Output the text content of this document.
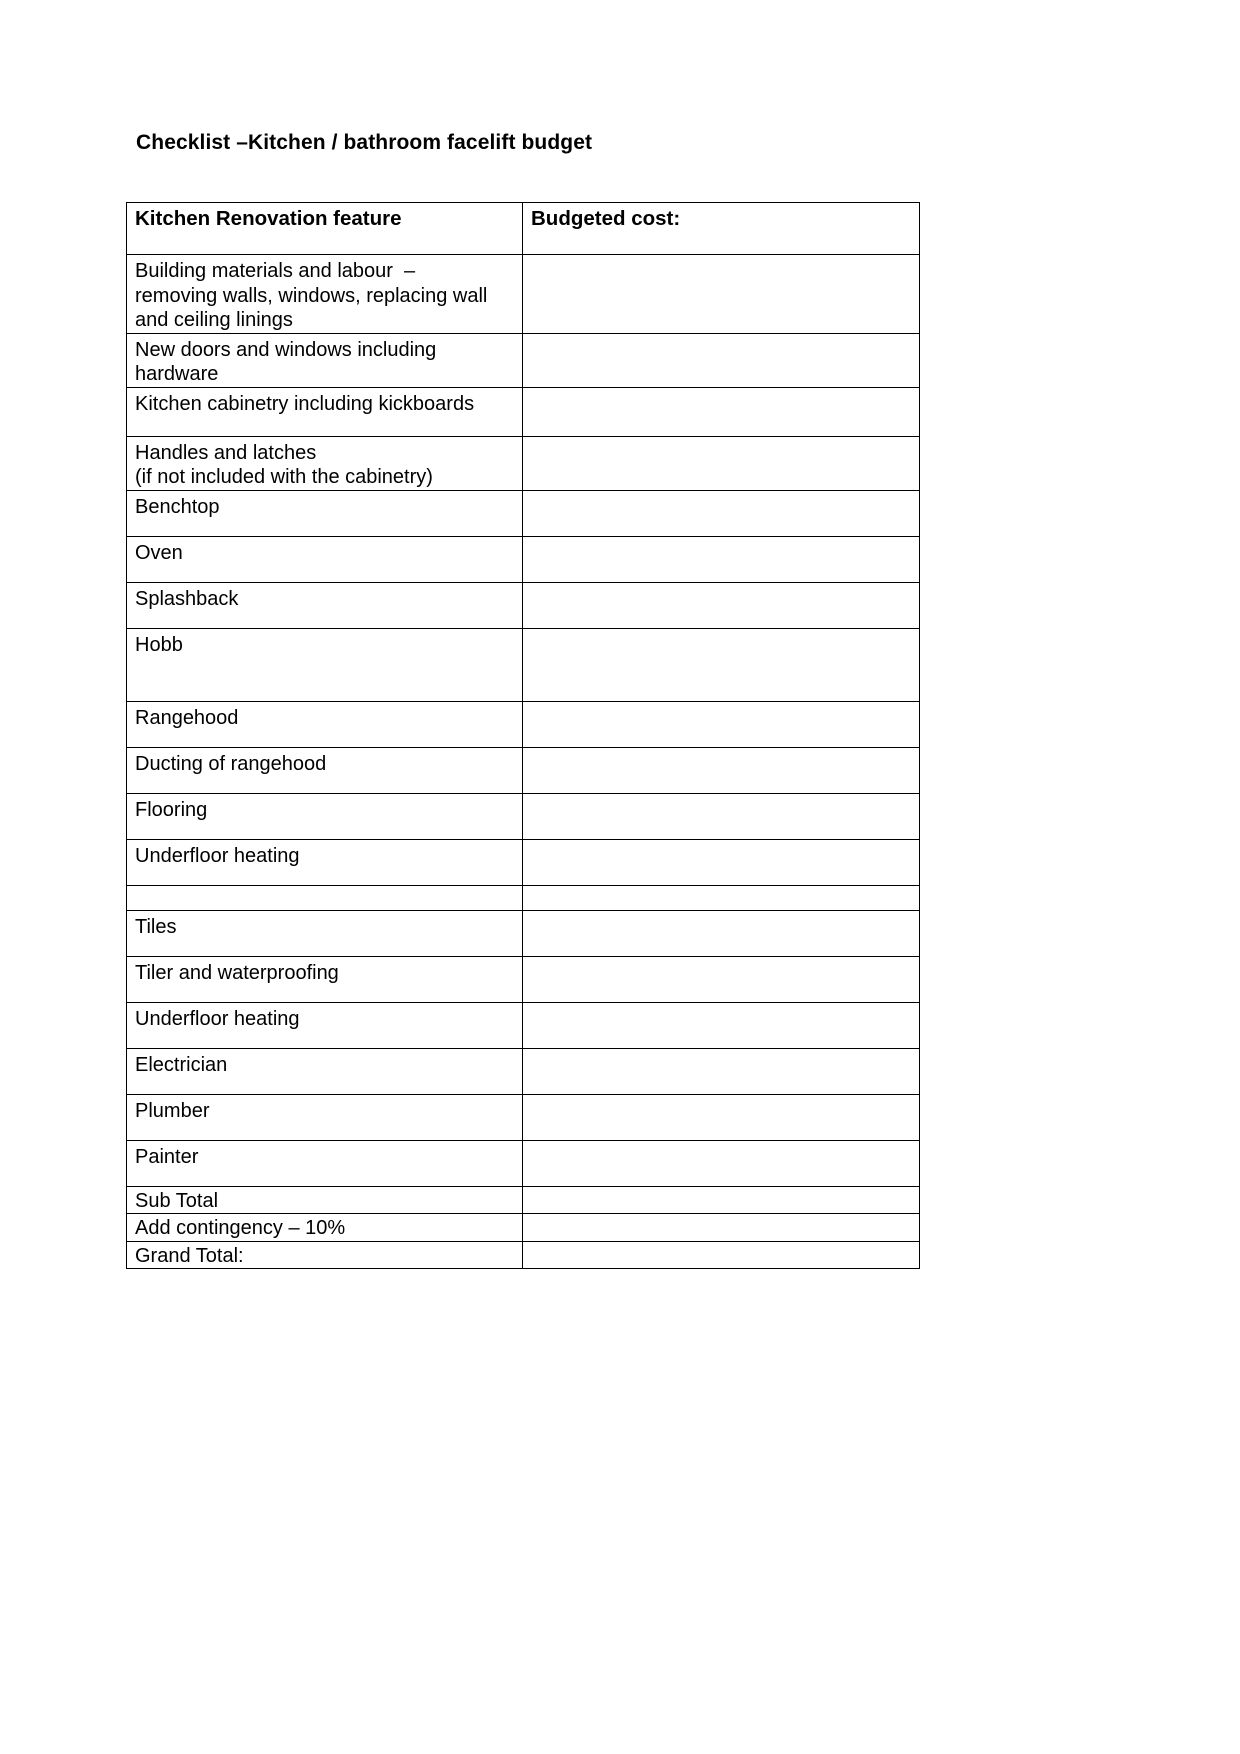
Checklist –Kitchen / bathroom facelift budget
Kitchen Renovation feature	Budgeted cost:

Building materials and labour  –
removing walls, windows, replacing wall
and ceiling linings	

New doors and windows including
hardware	

Kitchen cabinetry including kickboards	

Handles and latches
(if not included with the cabinetry)	

Benchtop	

Oven	

Splashback	

Hobb	

Rangehood	

Ducting of rangehood	

Flooring	

Underfloor heating	

Tiles	

Tiler and waterproofing	

Underfloor heating	

Electrician	

Plumber	

Painter	

Sub Total	

Add contingency – 10%	

Grand Total:	
